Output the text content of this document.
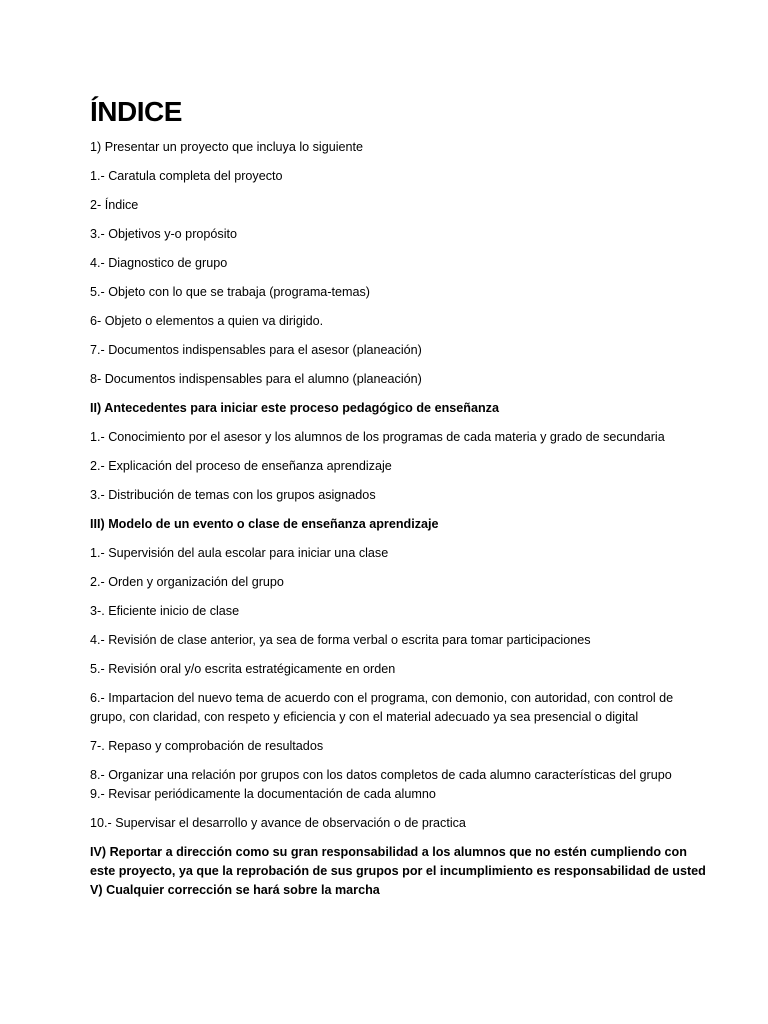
ÍNDICE

1) Presentar un proyecto que incluya lo siguiente

1.- Caratula completa del proyecto

2- Índice

3.- Objetivos y-o propósito

4.- Diagnostico de grupo

5.- Objeto con lo que se trabaja (programa-temas)

6- Objeto o elementos a quien va dirigido.

7.- Documentos indispensables para el asesor (planeación)

8- Documentos indispensables para el alumno (planeación)

II) Antecedentes para iniciar este proceso pedagógico de enseñanza

1.- Conocimiento por el asesor y los alumnos de los programas de cada materia y grado de secundaria

2.- Explicación del proceso de enseñanza aprendizaje

3.- Distribución de temas con los grupos asignados

III) Modelo de un evento o clase de enseñanza aprendizaje

1.- Supervisión del aula escolar para iniciar una clase

2.- Orden y organización del grupo

3-. Eficiente inicio de clase

4.- Revisión de clase anterior, ya sea de forma verbal o escrita para tomar participaciones

5.- Revisión oral y/o escrita estratégicamente en orden

6.- Impartacion del nuevo tema de acuerdo con el programa, con demonio, con autoridad, con control de
grupo, con claridad, con respeto y eficiencia y con el material adecuado ya sea presencial o digital

7-. Repaso y comprobación de resultados

8.- Organizar una relación por grupos con los datos completos de cada alumno características del grupo
9.- Revisar periódicamente la documentación de cada alumno

10.- Supervisar el desarrollo y avance de observación o de practica

IV) Reportar a dirección como su gran responsabilidad a los alumnos que no estén cumpliendo con
este proyecto, ya que la reprobación de sus grupos por el incumplimiento es responsabilidad de usted
V) Cualquier corrección se hará sobre la marcha
